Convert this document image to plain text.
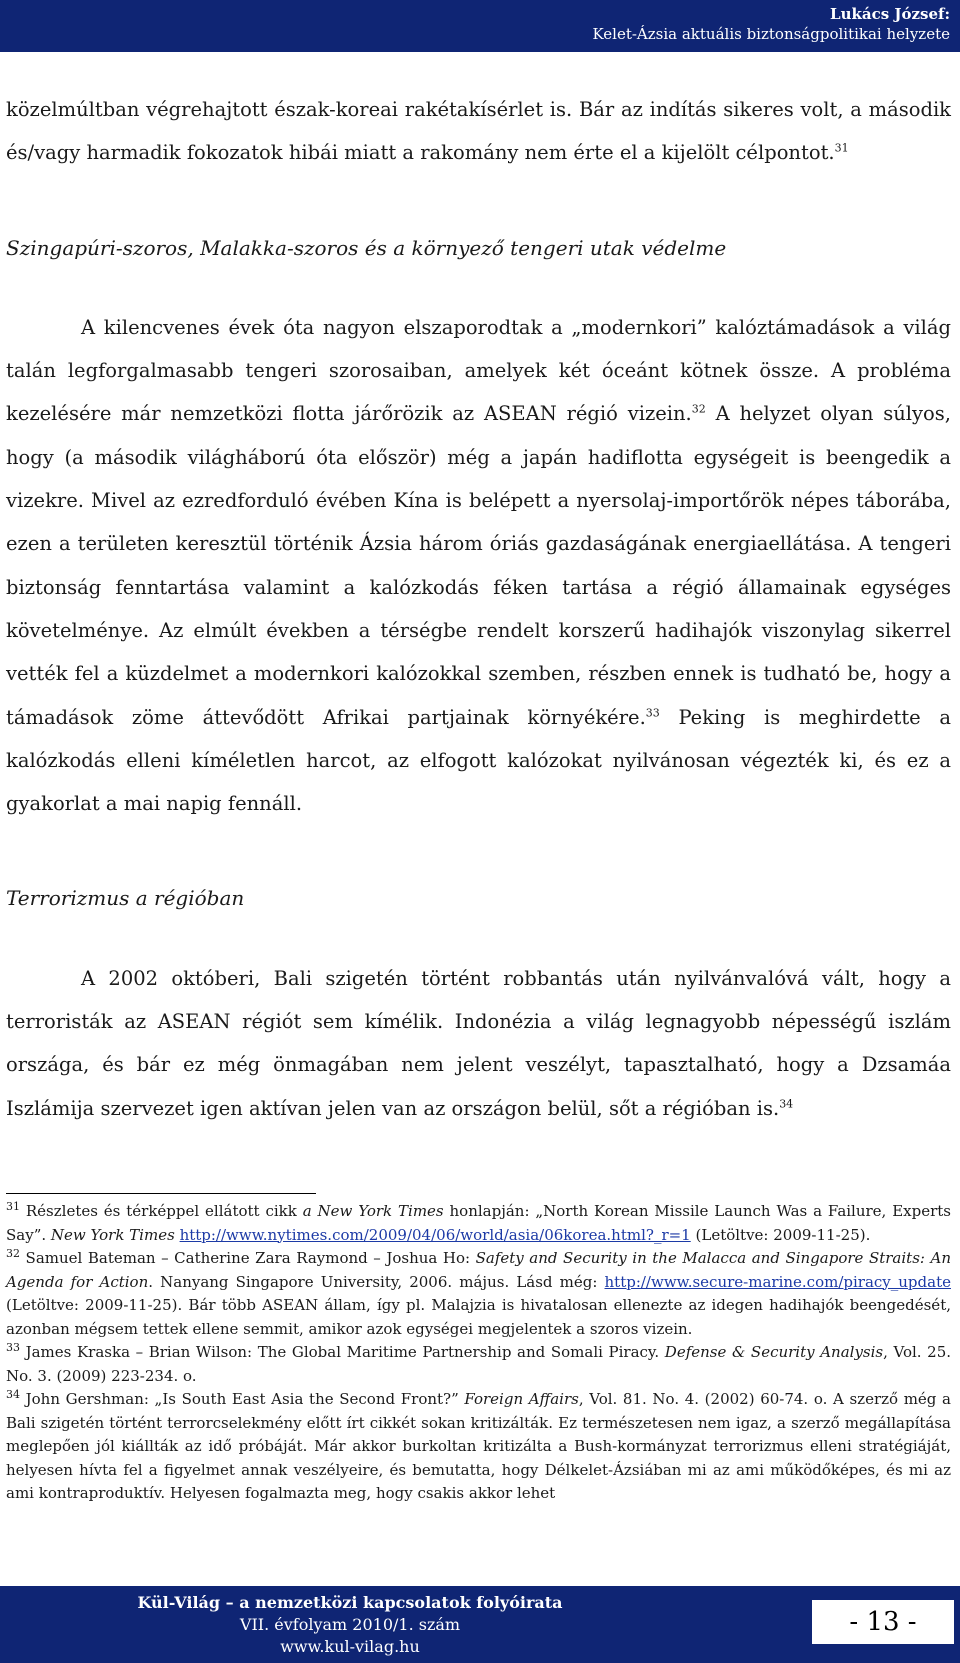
Lukács József:
Kelet-Ázsia aktuális biztonságpolitikai helyzete

közelmúltban végrehajtott észak-koreai rakétakísérlet is. Bár az indítás sikeres volt, a második és/vagy harmadik fokozatok hibái miatt a rakomány nem érte el a kijelölt célpontot.$^{31}$

Szingapúri-szoros, Malakka-szoros és a környező tengeri utak védelme

A kilencvenes évek óta nagyon elszaporodtak a „modernkori” kalóztámadások a világ talán legforgalmasabb tengeri szorosaiban, amelyek két óceánt kötnek össze. A probléma kezelésére már nemzetközi flotta járőrözik az ASEAN régió vizein.$^{32}$ A helyzet olyan súlyos, hogy (a második világháború óta először) még a japán hadiflotta egységeit is beengedik a vizekre. Mivel az ezredforduló évében Kína is belépett a nyersolaj-importőrök népes táborába, ezen a területen keresztül történik Ázsia három óriás gazdaságának energiaellátása. A tengeri biztonság fenntartása valamint a kalózkodás féken tartása a régió államainak egységes követelménye. Az elmúlt években a térségbe rendelt korszerű hadihajók viszonylag sikerrel vették fel a küzdelmet a modernkori kalózokkal szemben, részben ennek is tudható be, hogy a támadások zöme áttevődött Afrikai partjainak környékére.$^{33}$ Peking is meghirdette a kalózkodás elleni kíméletlen harcot, az elfogott kalózokat nyilvánosan végezték ki, és ez a gyakorlat a mai napig fennáll.

Terrorizmus a régióban

A 2002 októberi, Bali szigetén történt robbantás után nyilvánvalóvá vált, hogy a terroristák az ASEAN régiót sem kímélik. Indonézia a világ legnagyobb népességű iszlám országa, és bár ez még önmagában nem jelent veszélyt, tapasztalható, hogy a Dzsamáa Iszlámija szervezet igen aktívan jelen van az országon belül, sőt a régióban is.$^{34}$

$^{31}$ Részletes és térképpel ellátott cikk a New York Times honlapján: „North Korean Missile Launch Was a Failure, Experts Say”. New York Times http://www.nytimes.com/2009/04/06/world/asia/06korea.html?_r=1 (Letöltve: 2009-11-25).

$^{32}$ Samuel Bateman – Catherine Zara Raymond – Joshua Ho: Safety and Security in the Malacca and Singapore Straits: An Agenda for Action. Nanyang Singapore University, 2006. május. Lásd még: http://www.secure-marine.com/piracy_update (Letöltve: 2009-11-25). Bár több ASEAN állam, így pl. Malajzia is hivatalosan ellenezte az idegen hadihajók beengedését, azonban mégsem tettek ellene semmit, amikor azok egységei megjelentek a szoros vizein.

$^{33}$ James Kraska – Brian Wilson: The Global Maritime Partnership and Somali Piracy. Defense & Security Analysis, Vol. 25. No. 3. (2009) 223-234. o.

$^{34}$ John Gershman: „Is South East Asia the Second Front?” Foreign Affairs, Vol. 81. No. 4. (2002) 60-74. o. A szerző még a Bali szigetén történt terrorcselekmény előtt írt cikkét sokan kritizálták. Ez természetesen nem igaz, a szerző megállapítása meglepően jól kiállták az idő próbáját. Már akkor burkoltan kritizálta a Bush-kormányzat terrorizmus elleni stratégiáját, helyesen hívta fel a figyelmet annak veszélyeire, és bemutatta, hogy Délkelet-Ázsiában mi az ami működőképes, és mi az ami kontraproduktív. Helyesen fogalmazta meg, hogy csakis akkor lehet

Kül-Világ – a nemzetközi kapcsolatok folyóirata
VII. évfolyam 2010/1. szám
www.kul-vilag.hu
- 13 -
